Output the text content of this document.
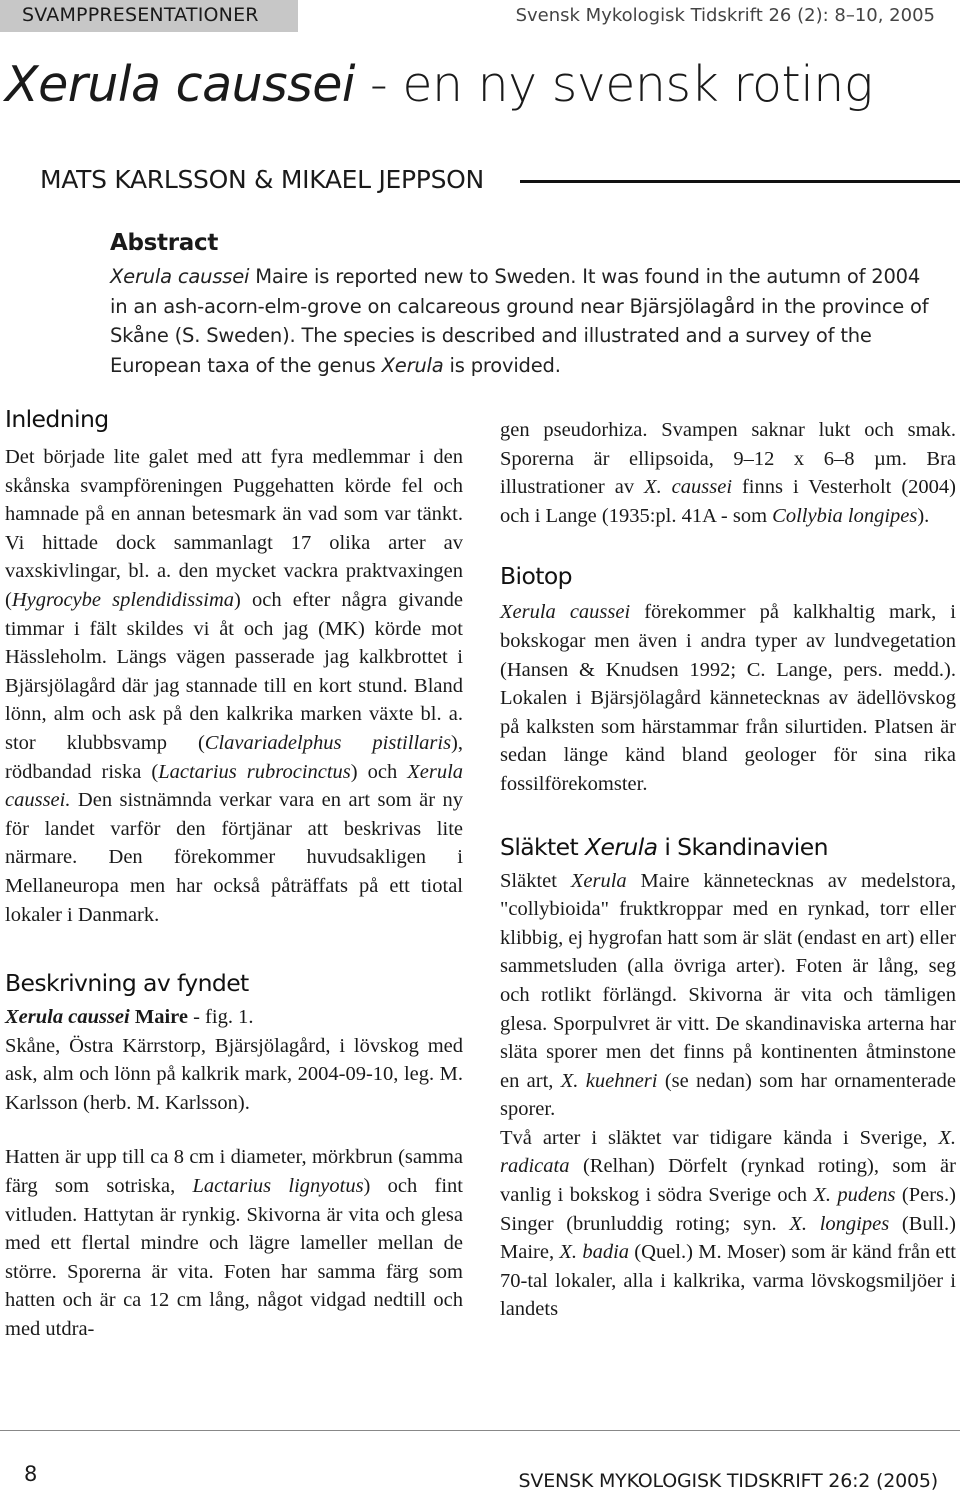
SVAMPPRESENTATIONER	Svensk Mykologisk Tidskrift 26 (2): 8–10, 2005
Xerula caussei - en ny svensk roting
MATS KARLSSON & MIKAEL JEPPSON
Abstract

Xerula caussei Maire is reported new to Sweden. It was found in the autumn of 2004 in an ash-acorn-elm-grove on calcareous ground near Bjärsjölagård in the province of Skåne (S. Sweden). The species is described and illustrated and a survey of the European taxa of the genus Xerula is provided.

Inledning

Det började lite galet med att fyra medlemmar i den skånska svampföreningen Puggehatten körde fel och hamnade på en annan betesmark än vad som var tänkt. Vi hittade dock sammanlagt 17 olika arter av vaxskivlingar, bl. a. den mycket vackra praktvaxingen (Hygrocybe splendidissima) och efter några givande timmar i fält skildes vi åt och jag (MK) körde mot Hässleholm. Längs vägen passerade jag kalkbrottet i Bjärsjölagård där jag stannade till en kort stund. Bland lönn, alm och ask på den kalkrika marken växte bl. a. stor klubbsvamp (Clavariadelphus pistillaris), rödbandad riska (Lactarius rubrocinctus) och Xerula caussei. Den sistnämnda verkar vara en art som är ny för landet varför den förtjänar att beskrivas lite närmare. Den förekommer huvudsakligen i Mellaneuropa men har också påträffats på ett tiotal lokaler i Danmark.

Beskrivning av fyndet

Xerula caussei Maire - fig. 1.

Skåne, Östra Kärrstorp, Bjärsjölagård, i lövskog med ask, alm och lönn på kalkrik mark, 2004-09-10, leg. M. Karlsson (herb. M. Karlsson).

Hatten är upp till ca 8 cm i diameter, mörkbrun (samma färg som sotriska, Lactarius lignyotus) och fint vitluden. Hattytan är rynkig. Skivorna är vita och glesa med ett flertal mindre och lägre lameller mellan de större. Sporerna är vita. Foten har samma färg som hatten och är ca 12 cm lång, något vidgad nedtill och med utdra-

gen pseudorhiza. Svampen saknar lukt och smak. Sporerna är ellipsoida, 9–12 x 6–8 µm. Bra illustrationer av X. caussei finns i Vesterholt (2004) och i Lange (1935:pl. 41A - som Collybia longipes).

Biotop

Xerula caussei förekommer på kalkhaltig mark, i bokskogar men även i andra typer av lundvegetation (Hansen & Knudsen 1992; C. Lange, pers. medd.). Lokalen i Bjärsjölagård kännetecknas av ädellövskog på kalksten som härstammar från silurtiden. Platsen är sedan länge känd bland geologer för sina rika fossilförekomster.

Släktet Xerula i Skandinavien

Släktet Xerula Maire kännetecknas av medelstora, "collybioida" fruktkroppar med en rynkad, torr eller klibbig, ej hygrofan hatt som är slät (endast en art) eller sammetsluden (alla övriga arter). Foten är lång, seg och rotlikt förlängd. Skivorna är vita och tämligen glesa. Sporpulvret är vitt. De skandinaviska arterna har släta sporer men det finns på kontinenten åtminstone en art, X. kuehneri (se nedan) som har ornamenterade sporer.

Två arter i släktet var tidigare kända i Sverige, X. radicata (Relhan) Dörfelt (rynkad roting), som är vanlig i bokskog i södra Sverige och X. pudens (Pers.) Singer (brunluddig roting; syn. X. longipes (Bull.) Maire, X. badia (Quel.) M. Moser) som är känd från ett 70-tal lokaler, alla i kalkrika, varma lövskogsmiljöer i landets

8	SVENSK MYKOLOGISK TIDSKRIFT 26:2 (2005)
